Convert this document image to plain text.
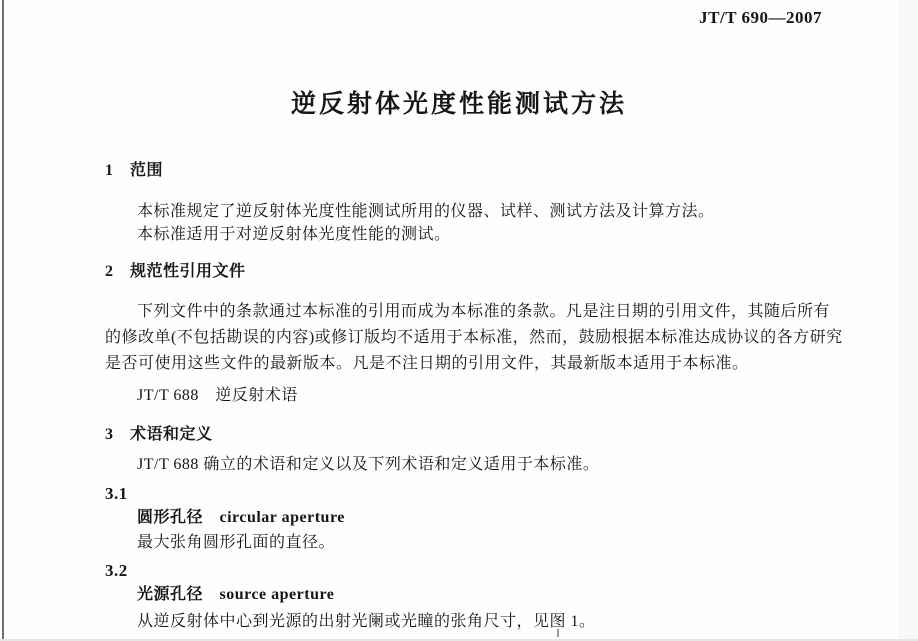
JT/T 690—2007
逆反射体光度性能测试方法
1　范围
本标准规定了逆反射体光度性能测试所用的仪器、试样、测试方法及计算方法。
本标准适用于对逆反射体光度性能的测试。
2　规范性引用文件
下列文件中的条款通过本标准的引用而成为本标准的条款。凡是注日期的引用文件，其随后所有
的修改单(不包括勘误的内容)或修订版均不适用于本标准，然而，鼓励根据本标准达成协议的各方研究
是否可使用这些文件的最新版本。凡是不注日期的引用文件，其最新版本适用于本标准。
JT/T 688　逆反射术语
3　术语和定义
JT/T 688 确立的术语和定义以及下列术语和定义适用于本标准。
3.1
圆形孔径　circular aperture
最大张角圆形孔面的直径。
3.2
光源孔径　source aperture
从逆反射体中心到光源的出射光阑或光瞳的张角尺寸，见图 1。
